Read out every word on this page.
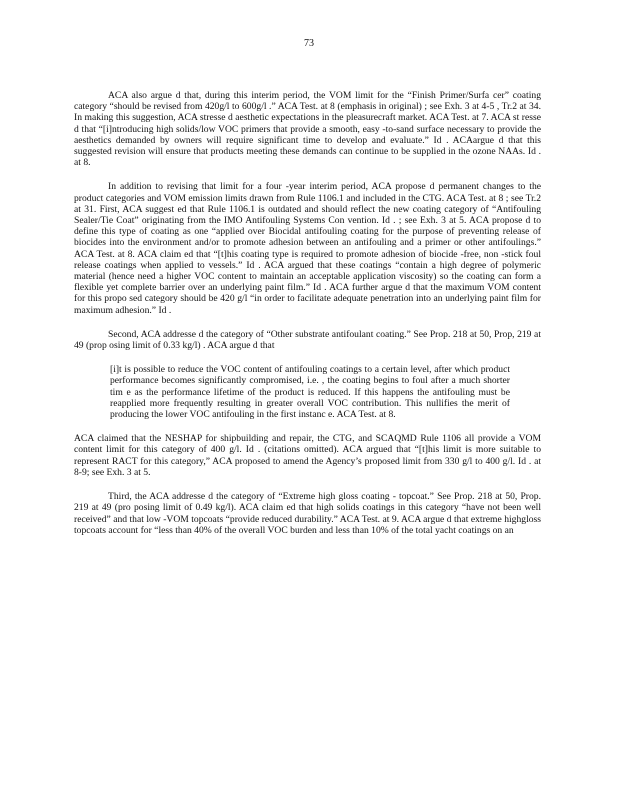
73

ACA also argue d that, during this interim period, the VOM limit for the “Finish Primer/Surfa cer” coating category “should be revised from 420g/l to 600g/l .” ACA Test. at 8 (emphasis in original) ; see Exh. 3 at 4-5 , Tr.2 at 34. In making this suggestion, ACA stresse d aesthetic expectations in the pleasurecraft market. ACA Test. at 7. ACA st resse d that “[i]ntroducing high solids/low VOC primers that provide a smooth, easy -to-sand surface necessary to provide the aesthetics demanded by owners will require significant time to develop and evaluate.” Id . ACAargue d that this suggested revision will ensure that products meeting these demands can continue to be supplied in the ozone NAAs. Id . at 8.

In addition to revising that limit for a four -year interim period, ACA propose d permanent changes to the product categories and VOM emission limits drawn from Rule 1106.1 and included in the CTG. ACA Test. at 8 ; see Tr.2 at 31. First, ACA suggest ed that Rule 1106.1 is outdated and should reflect the new coating category of “Antifouling Sealer/Tie Coat” originating from the IMO Antifouling Systems Con vention. Id . ; see Exh. 3 at 5. ACA propose d to define this type of coating as one “applied over Biocidal antifouling coating for the purpose of preventing release of biocides into the environment and/or to promote adhesion between an antifouling and a primer or other antifoulings.” ACA Test. at 8. ACA claim ed that “[t]his coating type is required to promote adhesion of biocide -free, non -stick foul release coatings when applied to vessels.” Id . ACA argued that these coatings “contain a high degree of polymeric material (hence need a higher VOC content to maintain an acceptable application viscosity) so the coating can form a flexible yet complete barrier over an underlying paint film.” Id . ACA further argue d that the maximum VOM content for this propo sed category should be 420 g/l “in order to facilitate adequate penetration into an underlying paint film for maximum adhesion.” Id .

Second, ACA addresse d the category of “Other substrate antifoulant coating.” See Prop. 218 at 50, Prop, 219 at 49 (prop osing limit of 0.33 kg/l) . ACA argue d that

[i]t is possible to reduce the VOC content of antifouling coatings to a certain level, after which product performance becomes significantly compromised, i.e. , the coating begins to foul after a much shorter tim e as the performance lifetime of the product is reduced. If this happens the antifouling must be reapplied more frequently resulting in greater overall VOC contribution. This nullifies the merit of producing the lower VOC antifouling in the first instanc e. ACA Test. at 8.

ACA claimed that the NESHAP for shipbuilding and repair, the CTG, and SCAQMD Rule 1106 all provide a VOM content limit for this category of 400 g/l. Id . (citations omitted). ACA argued that “[t]his limit is more suitable to represent RACT for this category,” ACA proposed to amend the Agency’s proposed limit from 330 g/l to 400 g/l. Id . at 8-9; see Exh. 3 at 5.

Third, the ACA addresse d the category of “Extreme high gloss coating - topcoat.” See Prop. 218 at 50, Prop. 219 at 49 (pro posing limit of 0.49 kg/l). ACA claim ed that high solids coatings in this category “have not been well received” and that low -VOM topcoats “provide reduced durability.” ACA Test. at 9. ACA argue d that extreme highgloss topcoats account for “less than 40% of the overall VOC burden and less than 10% of the total yacht coatings on an
